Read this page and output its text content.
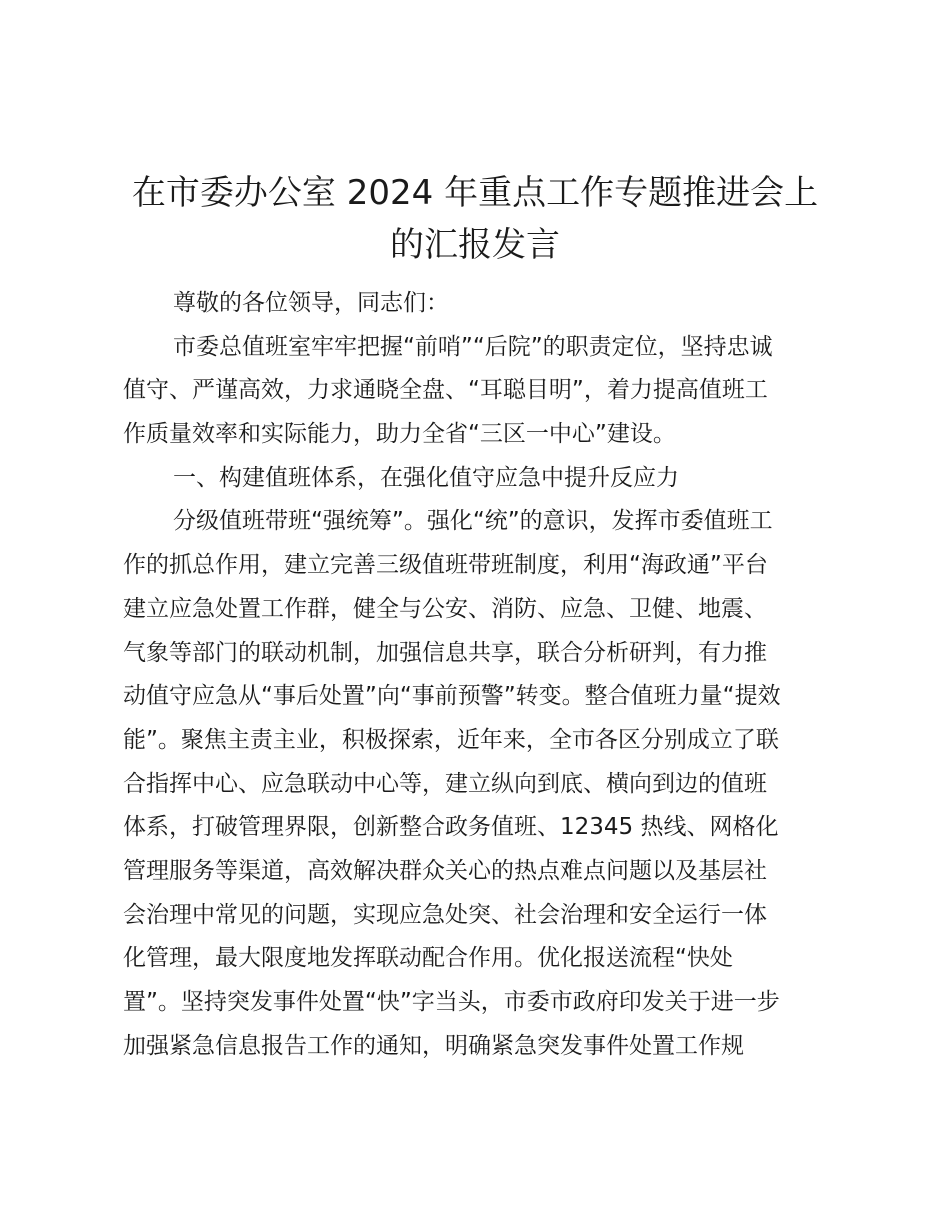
在市委办公室 2024 年重点工作专题推进会上
的汇报发言
尊敬的各位领导，同志们：
市委总值班室牢牢把握“前哨”“后院”的职责定位，坚持忠诚
值守、严谨高效，力求通晓全盘、“耳聪目明”，着力提高值班工
作质量效率和实际能力，助力全省“三区一中心”建设。
一、构建值班体系，在强化值守应急中提升反应力
分级值班带班“强统筹”。强化“统”的意识，发挥市委值班工
作的抓总作用，建立完善三级值班带班制度，利用“海政通”平台
建立应急处置工作群，健全与公安、消防、应急、卫健、地震、
气象等部门的联动机制，加强信息共享，联合分析研判，有力推
动值守应急从“事后处置”向“事前预警”转变。整合值班力量“提效
能”。聚焦主责主业，积极探索，近年来，全市各区分别成立了联
合指挥中心、应急联动中心等，建立纵向到底、横向到边的值班
体系，打破管理界限，创新整合政务值班、12345 热线、网格化
管理服务等渠道，高效解决群众关心的热点难点问题以及基层社
会治理中常见的问题，实现应急处突、社会治理和安全运行一体
化管理，最大限度地发挥联动配合作用。优化报送流程“快处
置”。坚持突发事件处置“快”字当头，市委市政府印发关于进一步
加强紧急信息报告工作的通知，明确紧急突发事件处置工作规
